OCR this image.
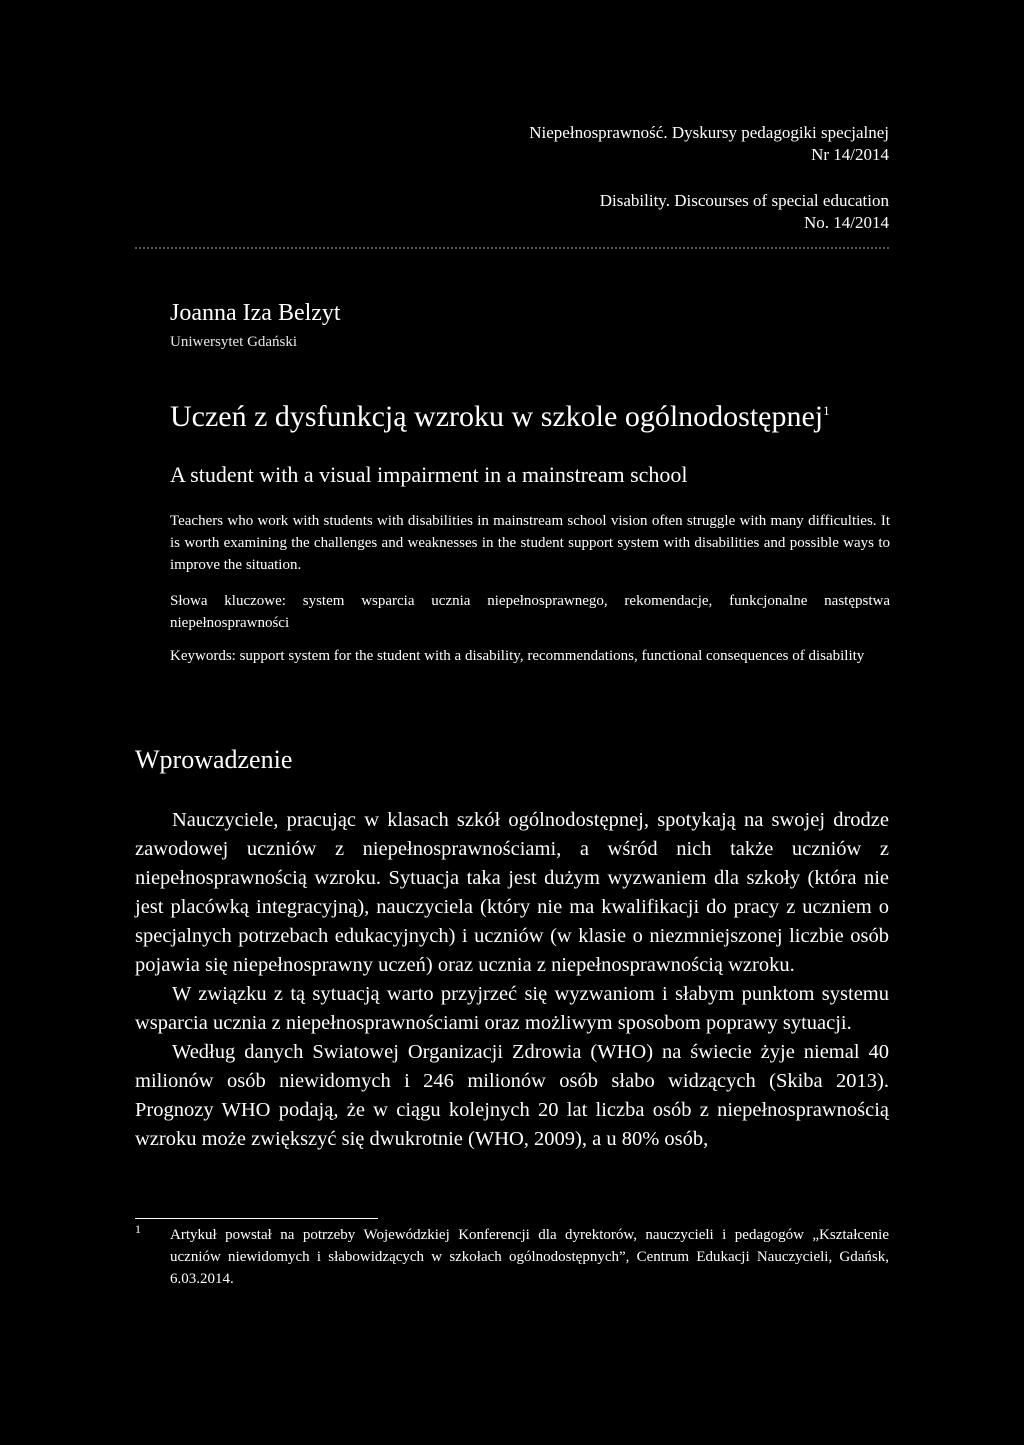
Niepełnosprawność. Dyskursy pedagogiki specjalnej
Nr 14/2014
Disability. Discourses of special education
No. 14/2014
Joanna Iza Belzyt
Uniwersytet Gdański
Uczeń z dysfunkcją wzroku w szkole ogólnodostępnej$^1$
A student with a visual impairment in a mainstream school
Teachers who work with students with disabilities in mainstream school vision often struggle with many difficulties. It is worth examining the challenges and weaknesses in the student support system with disabilities and possible ways to improve the situation.
Słowa kluczowe: system wsparcia ucznia niepełnosprawnego, rekomendacje, funkcjonalne następstwa niepełnosprawności
Keywords: support system for the student with a disability, recommendations, functional consequences of disability
Wprowadzenie

Nauczyciele, pracując w klasach szkół ogólnodostępnej, spotykają na swojej drodze zawodowej uczniów z niepełnosprawnościami, a wśród nich także uczniów z niepełnosprawnością wzroku. Sytuacja taka jest dużym wyzwaniem dla szkoły (która nie jest placówką integracyjną), nauczyciela (który nie ma kwalifikacji do pracy z uczniem o specjalnych potrzebach edukacyjnych) i uczniów (w klasie o niezmniejszonej liczbie osób pojawia się niepełnosprawny uczeń) oraz ucznia z niepełnosprawnością wzroku.

W związku z tą sytuacją warto przyjrzeć się wyzwaniom i słabym punktom systemu wsparcia ucznia z niepełnosprawnościami oraz możliwym sposobom poprawy sytuacji.

Według danych Swiatowej Organizacji Zdrowia (WHO) na świecie żyje niemal 40 milionów osób niewidomych i 246 milionów osób słabo widzących (Skiba 2013). Prognozy WHO podają, że w ciągu kolejnych 20 lat liczba osób z niepełnosprawnością wzroku może zwiększyć się dwukrotnie (WHO, 2009), a u 80% osób,

1 Artykuł powstał na potrzeby Wojewódzkiej Konferencji dla dyrektorów, nauczycieli i pedagogów „Kształcenie uczniów niewidomych i słabowidzących w szkołach ogólnodostępnych”, Centrum Edukacji Nauczycieli, Gdańsk, 6.03.2014.
